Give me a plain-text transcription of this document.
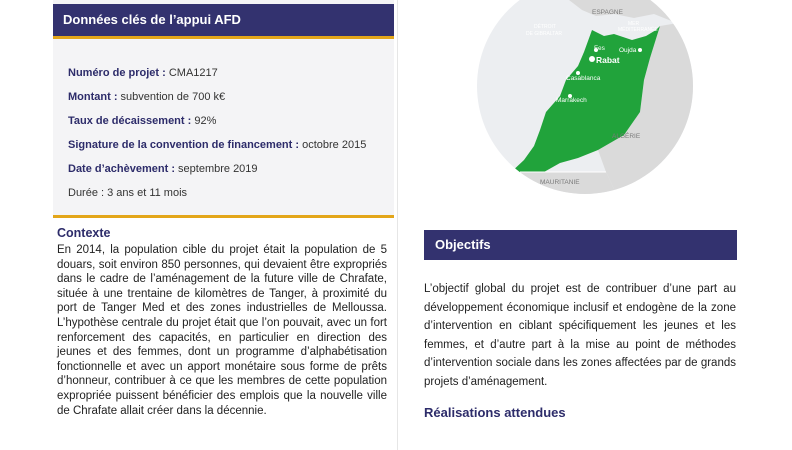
Données clés de l’appui AFD
Numéro de projet : CMA1217
Montant : subvention de 700 k€
Taux de décaissement : 92%
Signature de la convention de financement : octobre 2015
Date d’achèvement : septembre 2019
Durée : 3 ans et 11 mois
Contexte
En 2014, la population cible du projet était la population de 5 douars, soit environ 850 personnes, qui devaient être expropriés dans le cadre de l’aménagement de la future ville de Chrafate, située à une trentaine de kilomètres de Tanger, à proximité du port de Tanger Med et des zones industrielles de Melloussa. L’hypothèse centrale du projet était que l’on pouvait, avec un fort renforcement des capacités, en particulier en direction des jeunes et des femmes, dont un programme d’alphabétisation fonctionnelle et avec un apport monétaire sous forme de prêts d’honneur, contribuer à ce que les membres de cette population expropriée puissent bénéficier des emplois que la nouvelle ville de Chrafate allait créer dans la décennie.
ESPAGNE
DÉTROIT
DE GIBRALTAR
MER
MÉDITERRANÉE
Fes Oujda
Rabat
Casablanca
Marrakech
ALGÉRIE
MAURITANIE
Objectifs
L’objectif global du projet est de contribuer d’une part au développement économique inclusif et endogène de la zone d’intervention en ciblant spécifiquement les jeunes et les femmes, et d’autre part à la mise au point de méthodes d’intervention sociale dans les zones affectées par de grands projets d’aménagement.
Réalisations attendues
